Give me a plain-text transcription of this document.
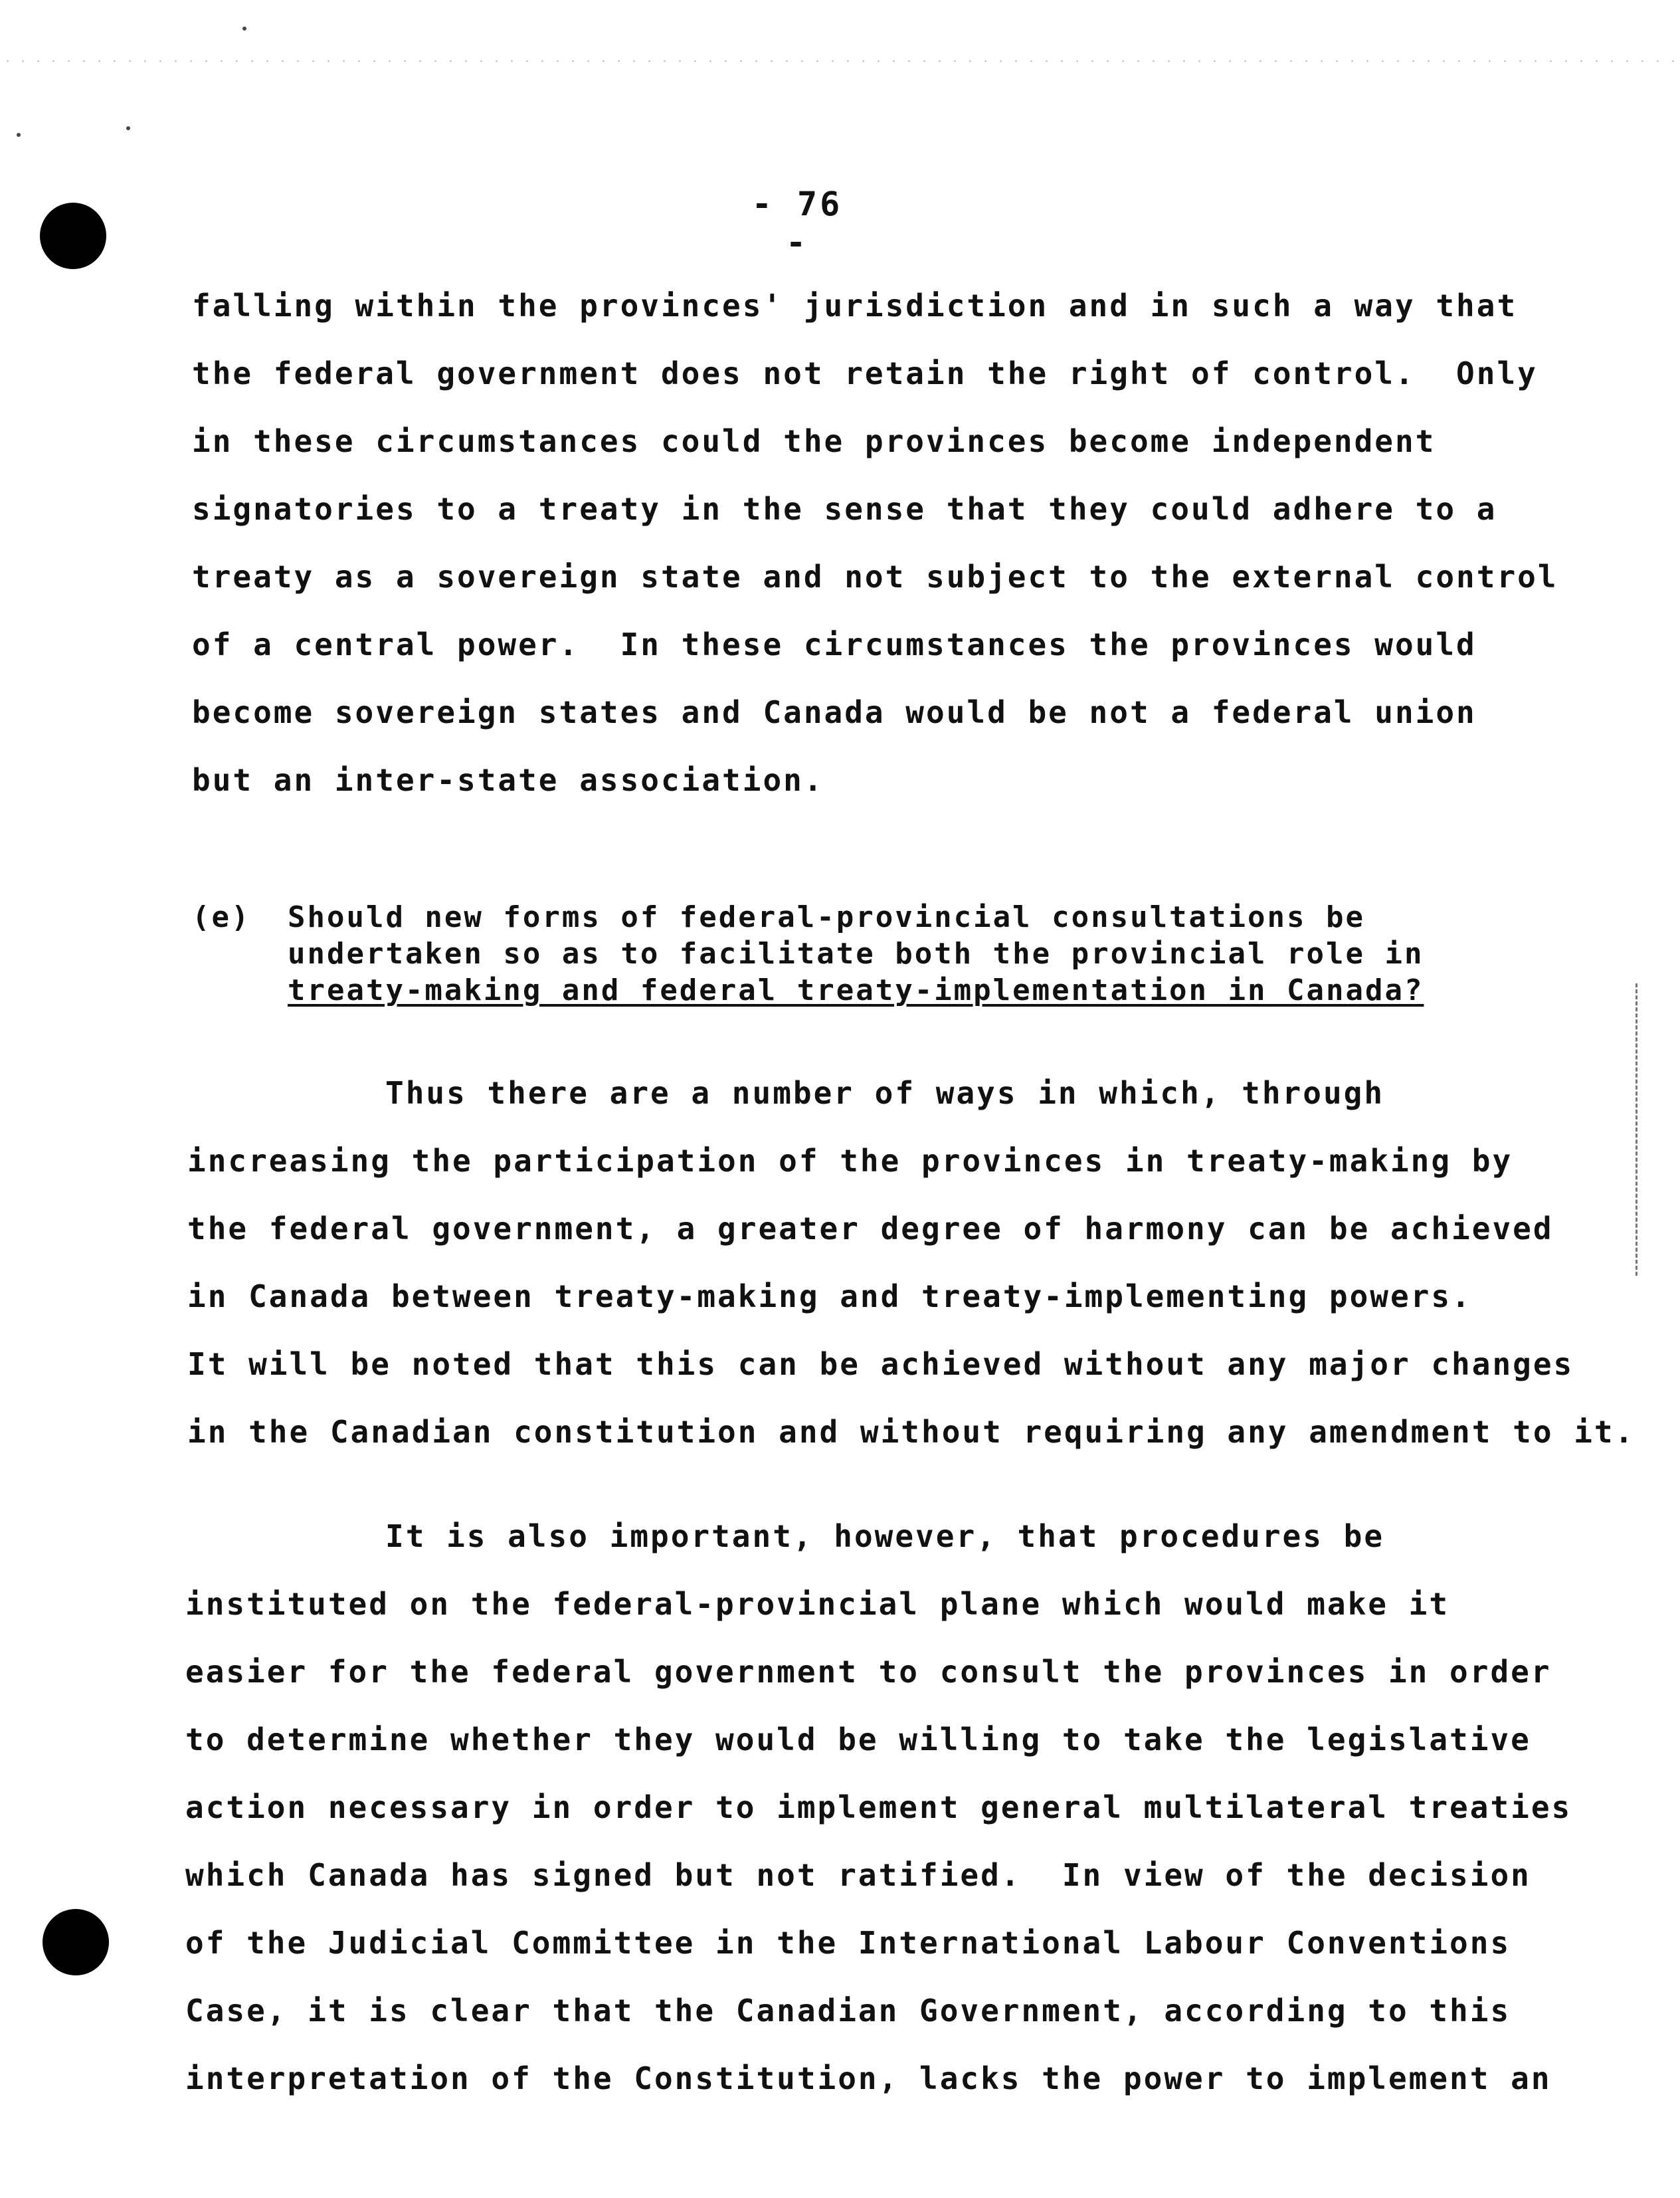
- 76 -
falling within the provinces' jurisdiction and in such a way that
the federal government does not retain the right of control.  Only
in these circumstances could the provinces become independent
signatories to a treaty in the sense that they could adhere to a
treaty as a sovereign state and not subject to the external control
of a central power.  In these circumstances the provinces would
become sovereign states and Canada would be not a federal union
but an inter-state association.
(e) Should new forms of federal-provincial consultations be
undertaken so as to facilitate both the provincial role in
treaty-making and federal treaty-implementation in Canada?
Thus there are a number of ways in which, through
increasing the participation of the provinces in treaty-making by
the federal government, a greater degree of harmony can be achieved
in Canada between treaty-making and treaty-implementing powers.
It will be noted that this can be achieved without any major changes
in the Canadian constitution and without requiring any amendment to it.
It is also important, however, that procedures be
instituted on the federal-provincial plane which would make it
easier for the federal government to consult the provinces in order
to determine whether they would be willing to take the legislative
action necessary in order to implement general multilateral treaties
which Canada has signed but not ratified.  In view of the decision
of the Judicial Committee in the International Labour Conventions
Case, it is clear that the Canadian Government, according to this
interpretation of the Constitution, lacks the power to implement an
